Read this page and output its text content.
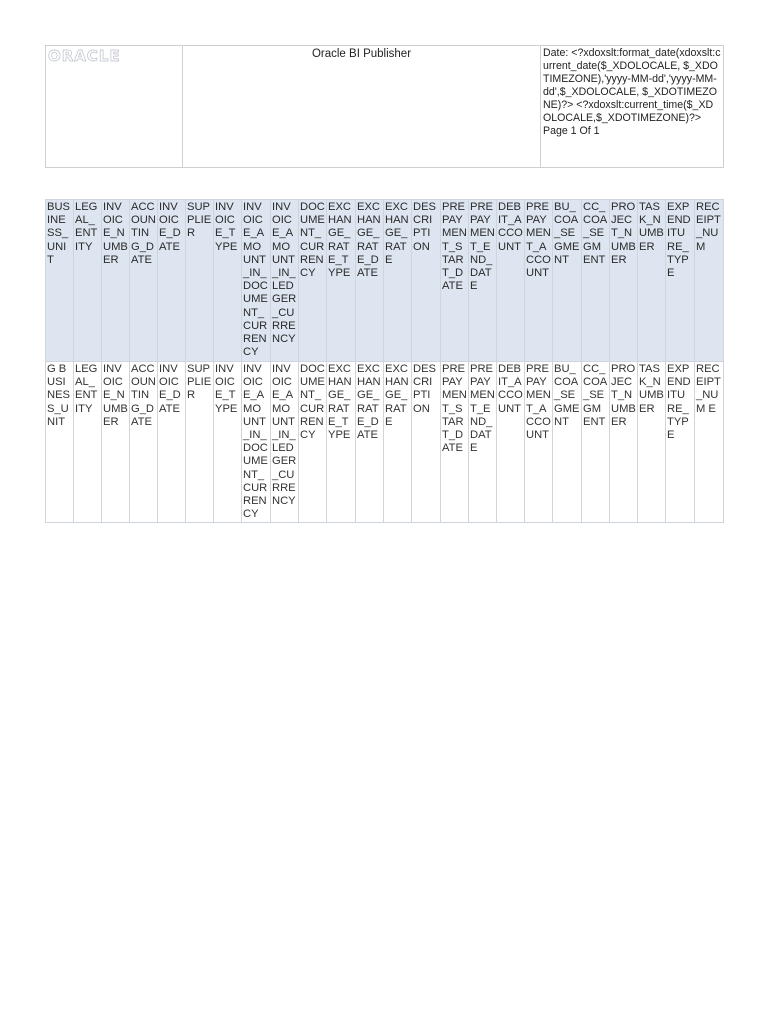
ORACLE	Oracle BI Publisher	Date: <?xdoxslt:format_date(xdoxslt:current_date($_XDOLOCALE, $_XDOTIMEZONE),'yyyy-MM-dd','yyyy-MM-dd',$_XDOLOCALE, $_XDOTIMEZONE)?> <?xdoxslt:current_time($_XDOLOCALE,$_XDOTIMEZONE)?>
Page 1 Of 1
BUSINESS_UNIT	LEGAL_ENTITY	INVOICE_NUMBER	ACCOUNTING_DATE	INVOICE_DATE	SUPPLIER	INVOICE_TYPE	INVOICE_AMOUNT_IN_DOCUMENT_CURRENCY	INVOICE_AMOUNT_IN_LEDGER_CURRENCY	DOCUMENT_CURRENCY	EXCHANGE_RATE_TYPE	EXCHANGE_RATE_DATE	EXCHANGE_RATE	DESCRIPTION	PREPAYMENT_START_DATE	PREPAYMENT_END_DATE	DEBIT_ACCOUNT	PREPAYMENT_ACCOUNT	BU_COA_SEGMENT	CC_COA_SEGMENT	PROJECT_NUMBER	TASK_NUMBER	EXPENDITURE_TYPE	RECEIPT_NUM
G BUSINESS_UNIT	LEGAL_ENTITY	INVOICE_NUMBER	ACCOUNTING_DATE	INVOICE_DATE	SUPPLIER	INVOICE_TYPE	INVOICE_AMOUNT_IN_DOCUMENT_CURRENCY	INVOICE_AMOUNT_IN_LEDGER_CURRENCY	DOCUMENT_CURRENCY	EXCHANGE_RATE_TYPE	EXCHANGE_RATE_DATE	EXCHANGE_RATE	DESCRIPTION	PREPAYMENT_START_DATE	PREPAYMENT_END_DATE	DEBIT_ACCOUNT	PREPAYMENT_ACCOUNT	BU_COA_SEGMENT	CC_COA_SEGMENT	PROJECT_NUMBER	TASK_NUMBER	EXPENDITURE_TYPE	RECEIPT_NUM E
